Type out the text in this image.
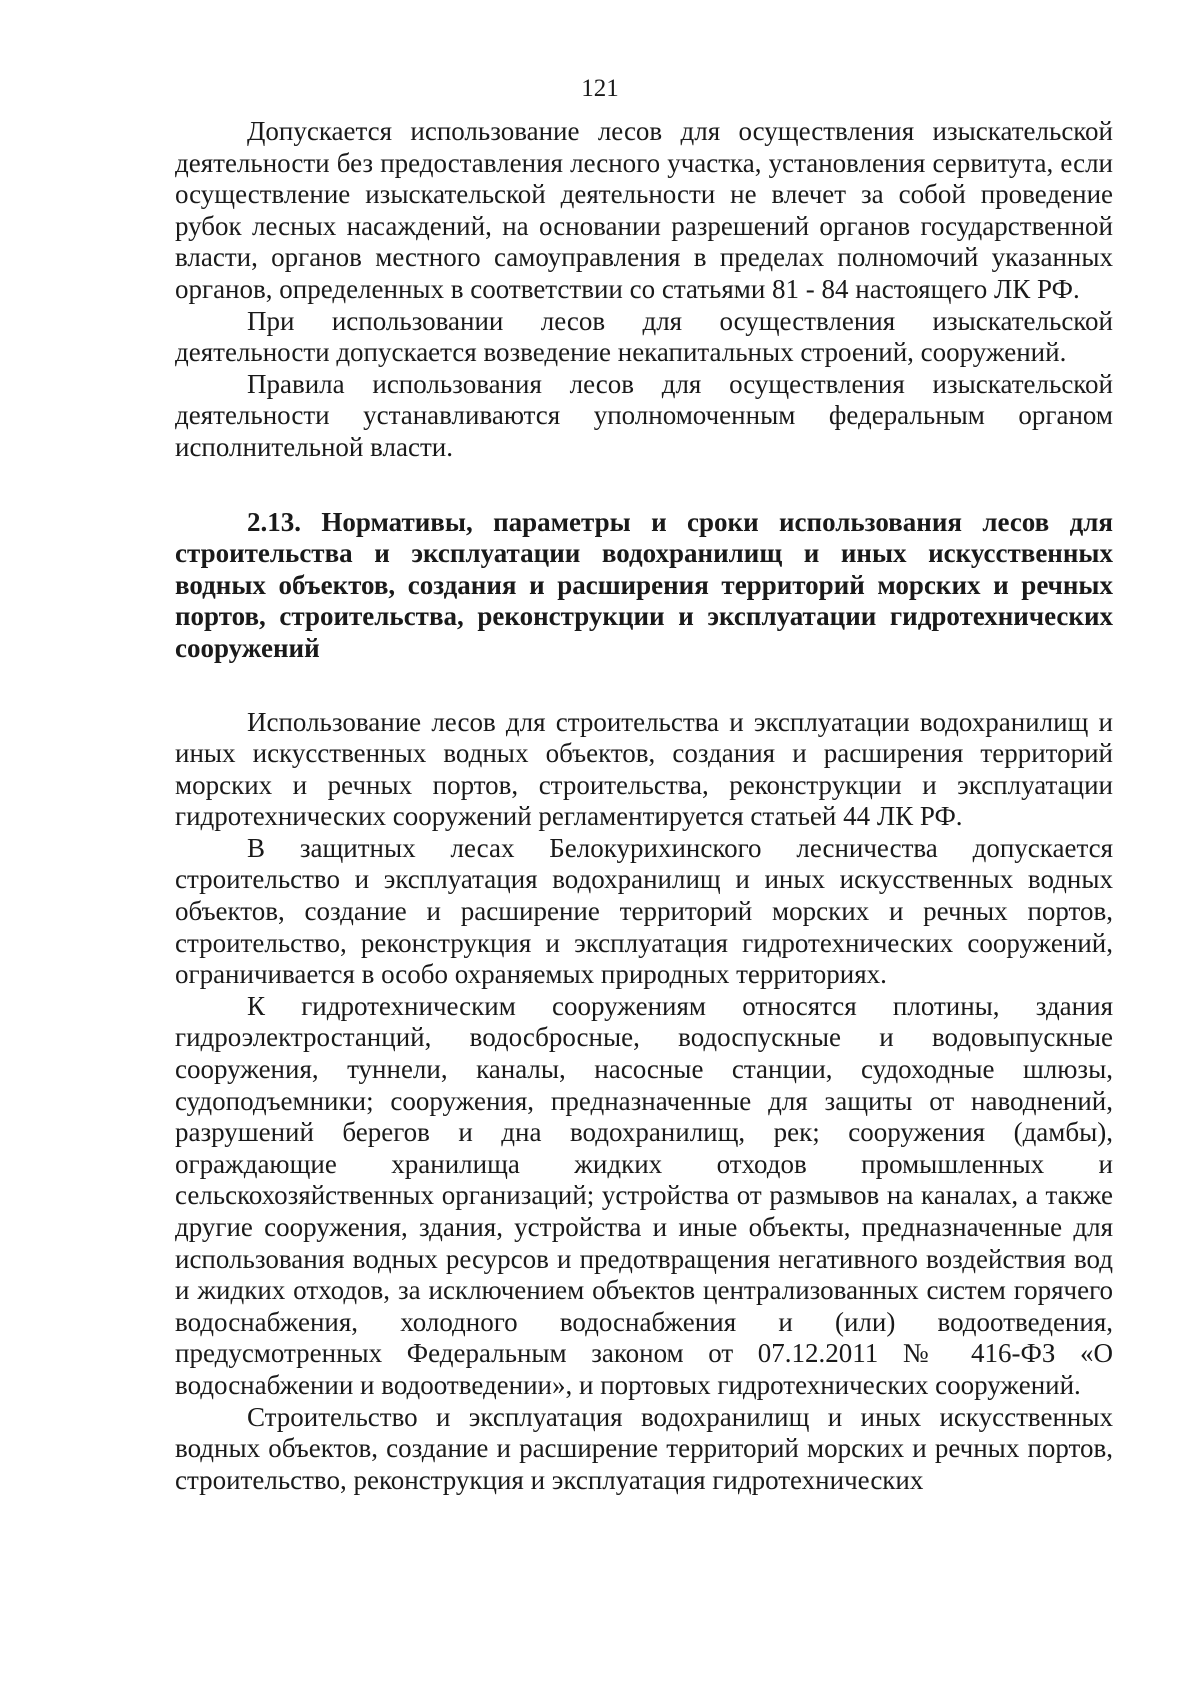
121

Допускается использование лесов для осуществления изыскательской деятельности без предоставления лесного участка, установления сервитута, если осуществление изыскательской деятельности не влечет за собой проведение рубок лесных насаждений, на основании разрешений органов государственной власти, органов местного самоуправления в пределах полномочий указанных органов, определенных в соответствии со статьями 81 - 84 настоящего ЛК РФ.

При использовании лесов для осуществления изыскательской деятельности допускается возведение некапитальных строений, сооружений.

Правила использования лесов для осуществления изыскательской деятельности устанавливаются уполномоченным федеральным органом исполнительной власти.

2.13. Нормативы, параметры и сроки использования лесов для строительства и эксплуатации водохранилищ и иных искусственных водных объектов, создания и расширения территорий морских и речных портов, строительства, реконструкции и эксплуатации гидротехнических сооружений

Использование лесов для строительства и эксплуатации водохранилищ и иных искусственных водных объектов, создания и расширения территорий морских и речных портов, строительства, реконструкции и эксплуатации гидротехнических сооружений регламентируется статьей 44 ЛК РФ.

В защитных лесах Белокурихинского лесничества допускается строительство и эксплуатация водохранилищ и иных искусственных водных объектов, создание и расширение территорий морских и речных портов, строительство, реконструкция и эксплуатация гидротехнических сооружений, ограничивается в особо охраняемых природных территориях.

К гидротехническим сооружениям относятся плотины, здания гидроэлектростанций, водосбросные, водоспускные и водовыпускные сооружения, туннели, каналы, насосные станции, судоходные шлюзы, судоподъемники; сооружения, предназначенные для защиты от наводнений, разрушений берегов и дна водохранилищ, рек; сооружения (дамбы), ограждающие хранилища жидких отходов промышленных и сельскохозяйственных организаций; устройства от размывов на каналах, а также другие сооружения, здания, устройства и иные объекты, предназначенные для использования водных ресурсов и предотвращения негативного воздействия вод и жидких отходов, за исключением объектов централизованных систем горячего водоснабжения, холодного водоснабжения и (или) водоотведения, предусмотренных Федеральным законом от 07.12.2011 № 416-ФЗ «О водоснабжении и водоотведении», и портовых гидротехнических сооружений.

Строительство и эксплуатация водохранилищ и иных искусственных водных объектов, создание и расширение территорий морских и речных портов, строительство, реконструкция и эксплуатация гидротехнических
